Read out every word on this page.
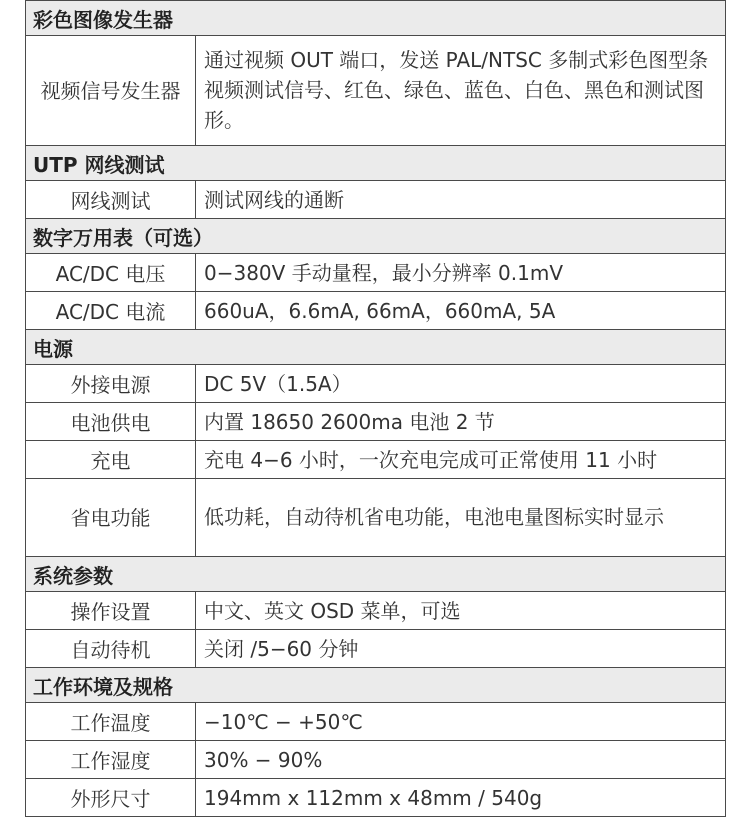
彩色图像发生器	
视频信号发生器	通过视频 OUT 端口，发送 PAL/NTSC 多制式彩色图型条视频测试信号、红色、绿色、蓝色、白色、黑色和测试图形。
UTP 网线测试	
网线测试	测试网线的通断
数字万用表（可选）	
AC/DC 电压	0−380V 手动量程，最小分辨率 0.1mV
AC/DC 电流	660uA，6.6mA, 66mA，660mA, 5A
电源	
外接电源	DC 5V（1.5A）
电池供电	内置 18650 2600ma 电池 2 节
充电	充电 4−6 小时，一次充电完成可正常使用 11 小时
省电功能	低功耗，自动待机省电功能，电池电量图标实时显示
系统参数	
操作设置	中文、英文 OSD 菜单，可选
自动待机	关闭 /5−60 分钟
工作环境及规格	
工作温度	−10℃ − +50℃
工作湿度	30% − 90%
外形尺寸	194mm x 112mm x 48mm / 540g
